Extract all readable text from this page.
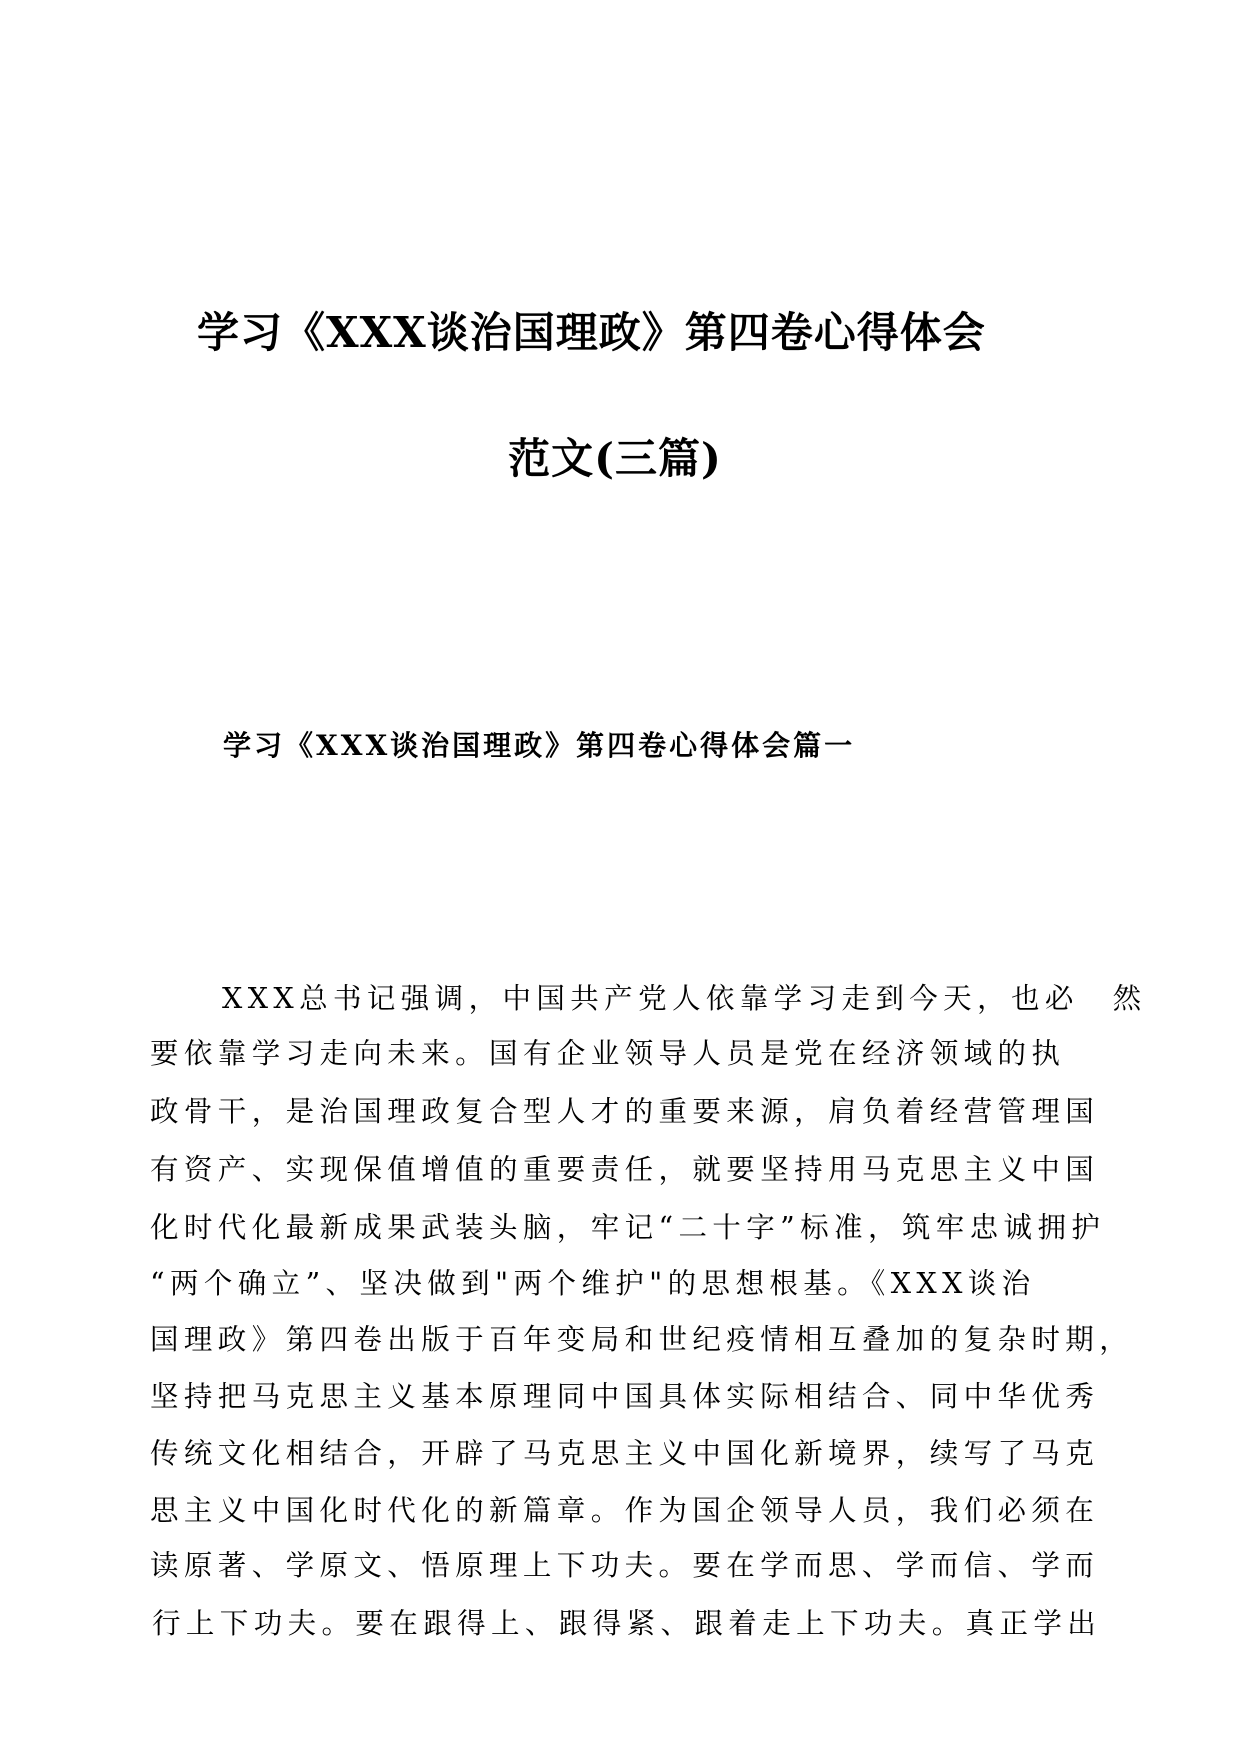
学习《XXX谈治国理政》第四卷心得体会
范文(三篇)
学习《XXX谈治国理政》第四卷心得体会篇一
XXX总书记强调，中国共产党人依靠学习走到今天，也必　然
要依靠学习走向未来。国有企业领导人员是党在经济领域的执
政骨干，是治国理政复合型人才的重要来源，肩负着经营管理国
有资产、实现保值增值的重要责任，就要坚持用马克思主义中国
化时代化最新成果武装头脑，牢记“二十字”标准，筑牢忠诚拥护
“两个确立”、坚决做到"两个维护"的思想根基。《XXX谈治
国理政》第四卷出版于百年变局和世纪疫情相互叠加的复杂时期，
坚持把马克思主义基本原理同中国具体实际相结合、同中华优秀
传统文化相结合，开辟了马克思主义中国化新境界，续写了马克
思主义中国化时代化的新篇章。作为国企领导人员，我们必须在
读原著、学原文、悟原理上下功夫。要在学而思、学而信、学而
行上下功夫。要在跟得上、跟得紧、跟着走上下功夫。真正学出
